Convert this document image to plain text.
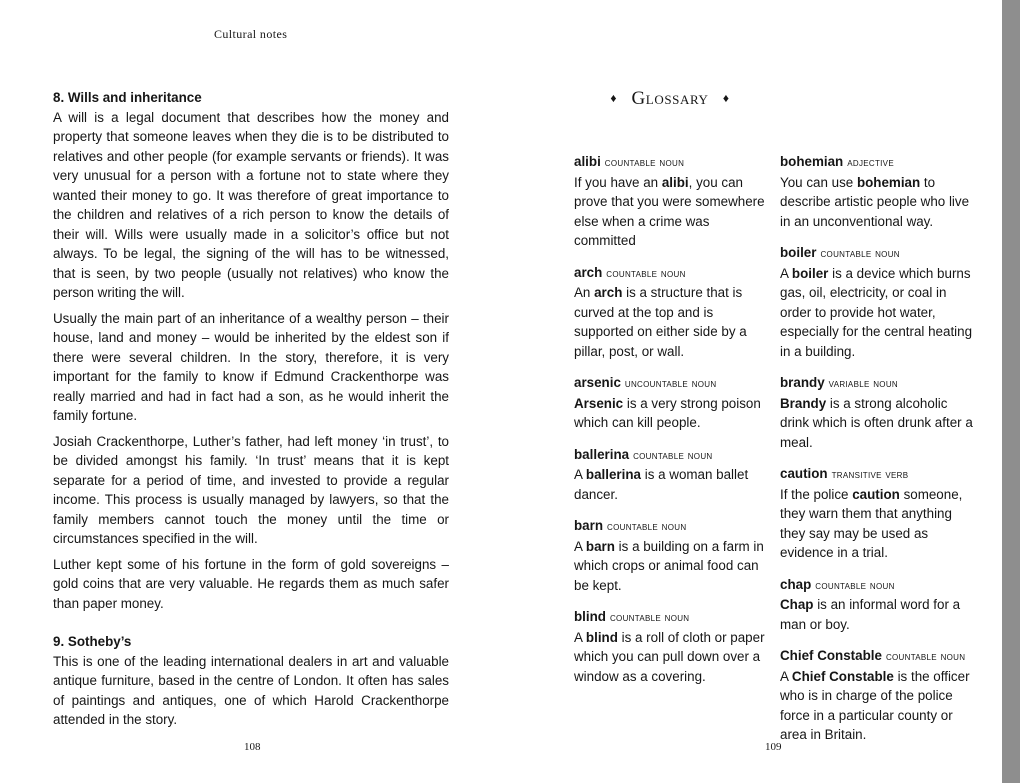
Cultural notes
8. Wills and inheritance

A will is a legal document that describes how the money and property that someone leaves when they die is to be distributed to relatives and other people (for example servants or friends). It was very unusual for a person with a fortune not to state where they wanted their money to go. It was therefore of great importance to the children and relatives of a rich person to know the details of their will. Wills were usually made in a solicitor’s office but not always. To be legal, the signing of the will has to be witnessed, that is seen, by two people (usually not relatives) who know the person writing the will.

Usually the main part of an inheritance of a wealthy person – their house, land and money – would be inherited by the eldest son if there were several children. In the story, therefore, it is very important for the family to know if Edmund Crackenthorpe was really married and had in fact had a son, as he would inherit the family fortune.

Josiah Crackenthorpe, Luther’s father, had left money ‘in trust’, to be divided amongst his family. ‘In trust’ means that it is kept separate for a period of time, and invested to provide a regular income. This process is usually managed by lawyers, so that the family members cannot touch the money until the time or circumstances specified in the will.

Luther kept some of his fortune in the form of gold sovereigns – gold coins that are very valuable. He regards them as much safer than paper money.

9. Sotheby’s

This is one of the leading international dealers in art and valuable antique furniture, based in the centre of London. It often has sales of paintings and antiques, one of which Harold Crackenthorpe attended in the story.

108
♦ Glossary ♦
alibi countable noun
If you have an alibi, you can prove that you were somewhere else when a crime was committed
arch countable noun
An arch is a structure that is curved at the top and is supported on either side by a pillar, post, or wall.
arsenic uncountable noun
Arsenic is a very strong poison which can kill people.
ballerina countable noun
A ballerina is a woman ballet dancer.
barn countable noun
A barn is a building on a farm in which crops or animal food can be kept.
blind countable noun
A blind is a roll of cloth or paper which you can pull down over a window as a covering.
bohemian adjective
You can use bohemian to describe artistic people who live in an unconventional way.
boiler countable noun
A boiler is a device which burns gas, oil, electricity, or coal in order to provide hot water, especially for the central heating in a building.
brandy variable noun
Brandy is a strong alcoholic drink which is often drunk after a meal.
caution transitive verb
If the police caution someone, they warn them that anything they say may be used as evidence in a trial.
chap countable noun
Chap is an informal word for a man or boy.
Chief Constable countable noun
A Chief Constable is the officer who is in charge of the police force in a particular county or area in Britain.
109
